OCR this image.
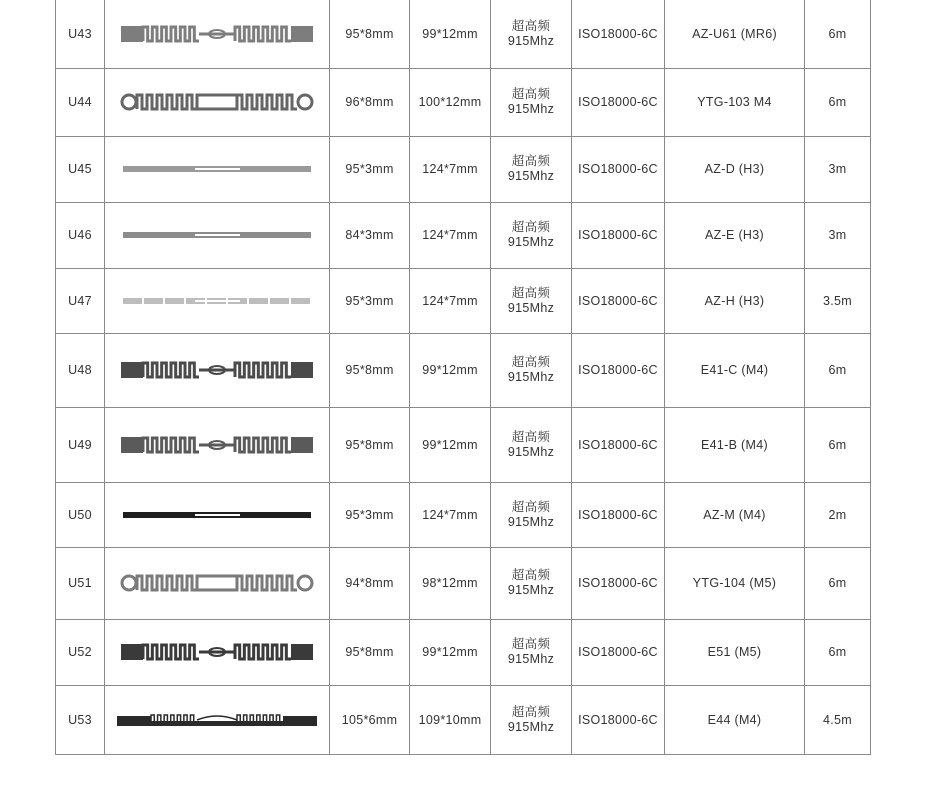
U43		95*8mm	99*12mm	超高频
915Mhz	ISO18000-6C	AZ-U61 (MR6)	6m
U44		96*8mm	100*12mm	超高频
915Mhz	ISO18000-6C	YTG-103 M4	6m
U45		95*3mm	124*7mm	超高频
915Mhz	ISO18000-6C	AZ-D (H3)	3m
U46		84*3mm	124*7mm	超高频
915Mhz	ISO18000-6C	AZ-E (H3)	3m
U47		95*3mm	124*7mm	超高频
915Mhz	ISO18000-6C	AZ-H (H3)	3.5m
U48		95*8mm	99*12mm	超高频
915Mhz	ISO18000-6C	E41-C (M4)	6m
U49		95*8mm	99*12mm	超高频
915Mhz	ISO18000-6C	E41-B (M4)	6m
U50		95*3mm	124*7mm	超高频
915Mhz	ISO18000-6C	AZ-M (M4)	2m
U51		94*8mm	98*12mm	超高频
915Mhz	ISO18000-6C	YTG-104 (M5)	6m
U52		95*8mm	99*12mm	超高频
915Mhz	ISO18000-6C	E51 (M5)	6m
U53		105*6mm	109*10mm	超高频
915Mhz	ISO18000-6C	E44 (M4)	4.5m
